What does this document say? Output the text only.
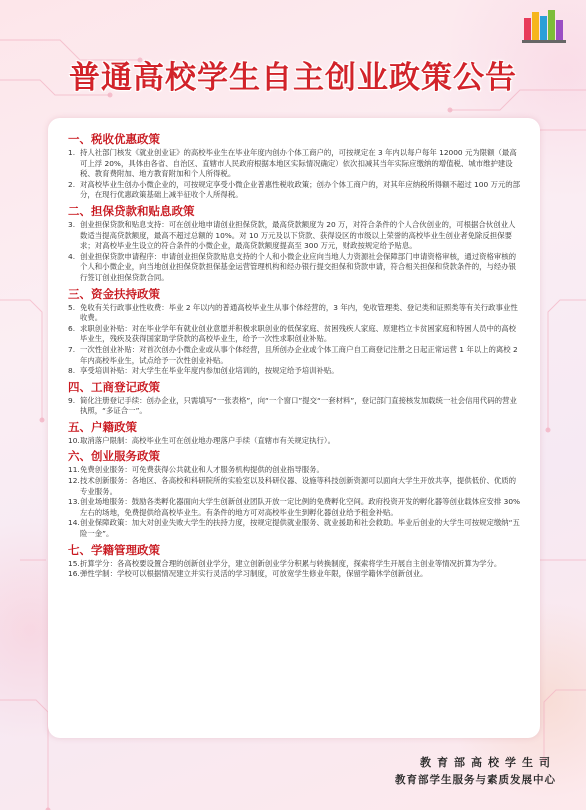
普通高校学生自主创业政策公告
一、税收优惠政策
1. 持人社部门核发《就业创业证》的高校毕业生在毕业年度内创办个体工商户的，可按规定在 3 年内以每户每年 12000 元为限额（最高可上浮 20%，具体由各省、自治区、直辖市人民政府根据本地区实际情况确定）依次扣减其当年实际应缴纳的增值税、城市维护建设税、教育费附加、地方教育附加和个人所得税。
2. 对高校毕业生创办小微企业的，可按规定享受小微企业普惠性税收政策；创办个体工商户的，对其年应纳税所得额不超过 100 万元的部分，在现行优惠政策基础上减半征收个人所得税。
二、担保贷款和贴息政策
3. 创业担保贷款和贴息支持：可在创业地申请创业担保贷款，最高贷款额度为 20 万，对符合条件的个人合伙创业的，可根据合伙创业人数适当提高贷款额度，最高不超过总额的 10%。对 10 万元及以下贷款、获得设区的市级以上荣誉的高校毕业生创业者免除反担保要求；对高校毕业生设立的符合条件的小微企业，最高贷款额度提高至 300 万元，财政按规定给予贴息。
4. 创业担保贷款申请程序：申请创业担保贷款贴息支持的个人和小微企业应向当地人力资源社会保障部门申请资格审核，通过资格审核的个人和小微企业，向当地创业担保贷款担保基金运营管理机构和经办银行提交担保和贷款申请，符合相关担保和贷款条件的，与经办银行签订创业担保贷款合同。
三、资金扶持政策
5. 免收有关行政事业性收费：毕业 2 年以内的普通高校毕业生从事个体经营的，3 年内，免收管理类、登记类和证照类等有关行政事业性收费。
6. 求职创业补贴：对在毕业学年有就业创业意愿并积极求职创业的低保家庭、贫困残疾人家庭、原建档立卡贫困家庭和特困人员中的高校毕业生，残疾及获得国家助学贷款的高校毕业生，给予一次性求职创业补贴。
7. 一次性创业补贴：对首次创办小微企业或从事个体经营，且所创办企业或个体工商户自工商登记注册之日起正常运营 1 年以上的离校 2 年内高校毕业生，试点给予一次性创业补贴。
8. 享受培训补贴：对大学生在毕业年度内参加创业培训的，按规定给予培训补贴。
四、工商登记政策
9. 简化注册登记手续：创办企业，只需填写“一张表格”，向“一个窗口”提交“一套材料”，登记部门直接核发加载统一社会信用代码的营业执照，“多证合一”。
五、户籍政策
10. 取消落户限制：高校毕业生可在创业地办理落户手续（直辖市有关规定执行）。
六、创业服务政策
11. 免费创业服务：可免费获得公共就业和人才服务机构提供的创业指导服务。
12. 技术创新服务：各地区、各高校和科研院所的实验室以及科研仪器、设施等科技创新资源可以面向大学生开放共享，提供低价、优质的专业服务。
13. 创业场地服务：鼓励各类孵化器面向大学生创新创业团队开放一定比例的免费孵化空间。政府投资开发的孵化器等创业载体应安排 30% 左右的场地，免费提供给高校毕业生。有条件的地方可对高校毕业生到孵化器创业给予租金补贴。
14. 创业保障政策：加大对创业失败大学生的扶持力度，按规定提供就业服务、就业援助和社会救助。毕业后创业的大学生可按规定缴纳“五险一金”。
七、学籍管理政策
15. 折算学分：各高校要设置合理的创新创业学分，建立创新创业学分积累与转换制度，探索将学生开展自主创业等情况折算为学分。
16. 弹性学制：学校可以根据情况建立并实行灵活的学习制度，可放宽学生修业年限，保留学籍休学创新创业。
教育部高校学生司
教育部学生服务与素质发展中心
